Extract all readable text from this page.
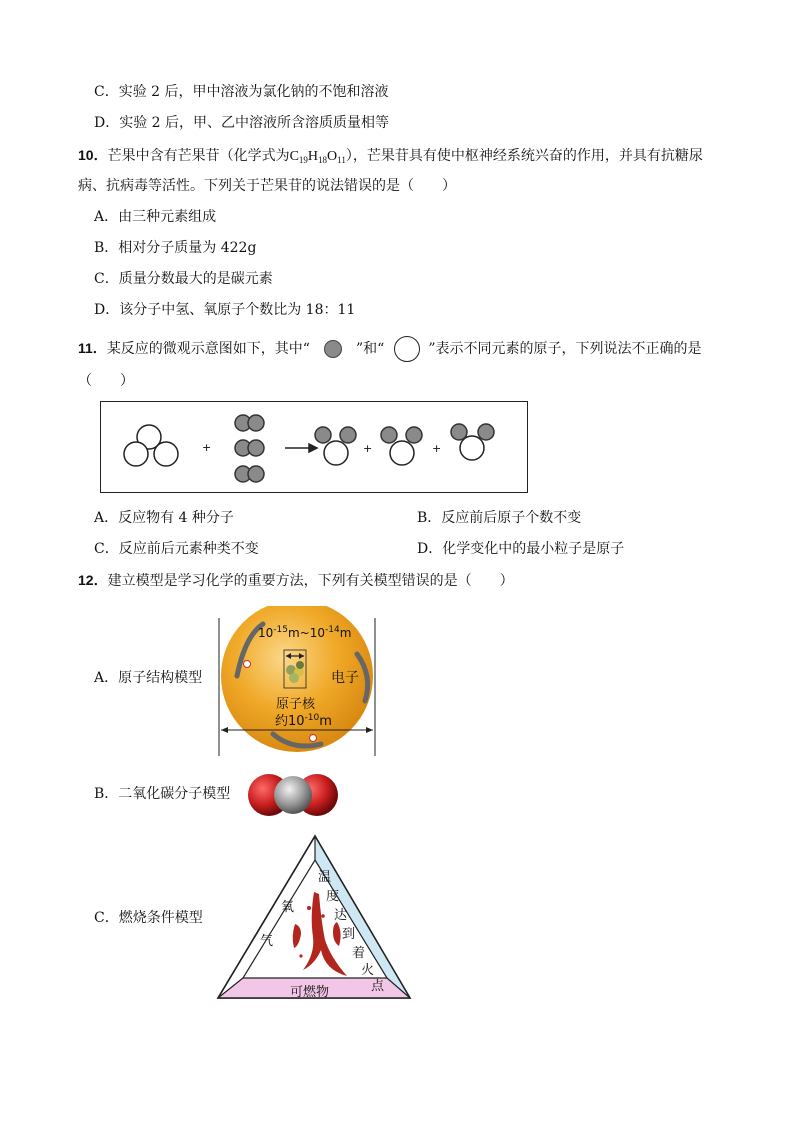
C．实验 2 后，甲中溶液为氯化钠的不饱和溶液
D．实验 2 后，甲、乙中溶液所含溶质质量相等
10．芒果中含有芒果苷（化学式为$C_{19}H_{18}O_{11}$），芒果苷具有使中枢神经系统兴奋的作用，并具有抗糖尿
病、抗病毒等活性。下列关于芒果苷的说法错误的是（　　）
A．由三种元素组成
B．相对分子质量为 422g
C．质量分数最大的是碳元素
D．该分子中氢、氧原子个数比为 18：11
11．某反应的微观示意图如下，其中“	”和“	”表示不同元素的原子，下列说法不正确的是
（　　）
+	+	+
A．反应物有 4 种分子	B．反应前后原子个数不变
C．反应前后元素种类不变	D．化学变化中的最小粒子是原子
12．建立模型是学习化学的重要方法，下列有关模型错误的是（　　）
A．原子结构模型
$10^{-15}m\sim 10^{-14}m$
电子
原子核
约$10^{-10}m$
-
-
B．二氧化碳分子模型
C．燃烧条件模型
氧
气
温
度
达
到
着
火
点
可燃物
